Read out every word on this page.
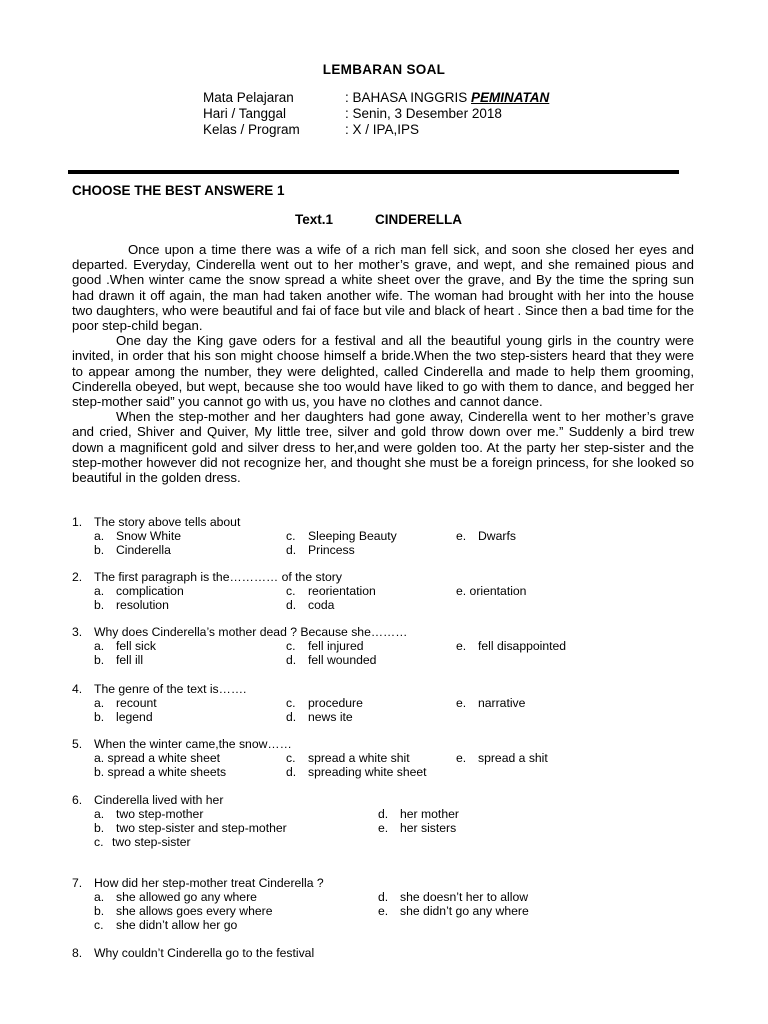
LEMBARAN SOAL
Mata Pelajaran	: BAHASA INGGRIS PEMINATAN
Hari / Tanggal	: Senin, 3 Desember 2018
Kelas / Program	: X / IPA,IPS
CHOOSE THE BEST ANSWERE 1
Text.1	CINDERELLA

Once upon a time there was a wife of a rich man fell sick, and soon she closed her eyes and departed. Everyday, Cinderella went out to her mother’s grave, and wept, and she remained pious and good .When winter came the snow spread a white sheet over the grave, and By the time the spring sun had drawn it off again, the man had taken another wife. The woman had brought with her into the house two daughters, who were beautiful and fai of face but vile and black of heart . Since then a bad time for the poor step-child began.

One day the King gave oders for a festival and all the beautiful young girls in the country were invited, in order that his son might choose himself a bride.When the two step-sisters heard that they were to appear among the number, they were delighted, called Cinderella and made to help them grooming, Cinderella obeyed, but wept, because she too would have liked to go with them to dance, and begged her step-mother said” you cannot go with us, you have no clothes and cannot dance.

When the step-mother and her daughters had gone away, Cinderella went to her mother’s grave and cried, Shiver and Quiver, My little tree, silver and gold throw down over me.” Suddenly a bird trew down a magnificent gold and silver dress to her,and were golden too. At the party her step-sister and the step-mother however did not recognize her, and thought she must be a foreign princess, for she looked so beautiful in the golden dress.

1. The story above tells about
a. Snow White	c.	Sleeping Beauty	e. Dwarfs
b. Cinderella	d. Princess
2. The first paragraph is the………… of the story
a. complication	c.	reorientation	e. orientation
b. resolution	d. coda
3. Why does Cinderella’s mother dead ? Because she………
a. fell sick	c.	fell injured	e. fell disappointed
b. fell ill	d. fell wounded
4. The genre of the text is…….
a. recount	c.	procedure	e. narrative
b. legend	d. news ite
5. When the winter came,the snow……
a. spread a white sheet	c.	spread a white shit	e. spread a shit
b. spread a white sheets	d. spreading white sheet
6. Cinderella lived with her
a. two step-mother	d. her mother
b. two step-sister and step-mother	e. her sisters
c. two step-sister
7. How did her step-mother treat Cinderella ?
a. she allowed go any where	d. she doesn’t her to allow
b. she allows goes every where	e. she didn’t go any where
c.	she didn’t allow her go
8. Why couldn’t Cinderella go to the festival
